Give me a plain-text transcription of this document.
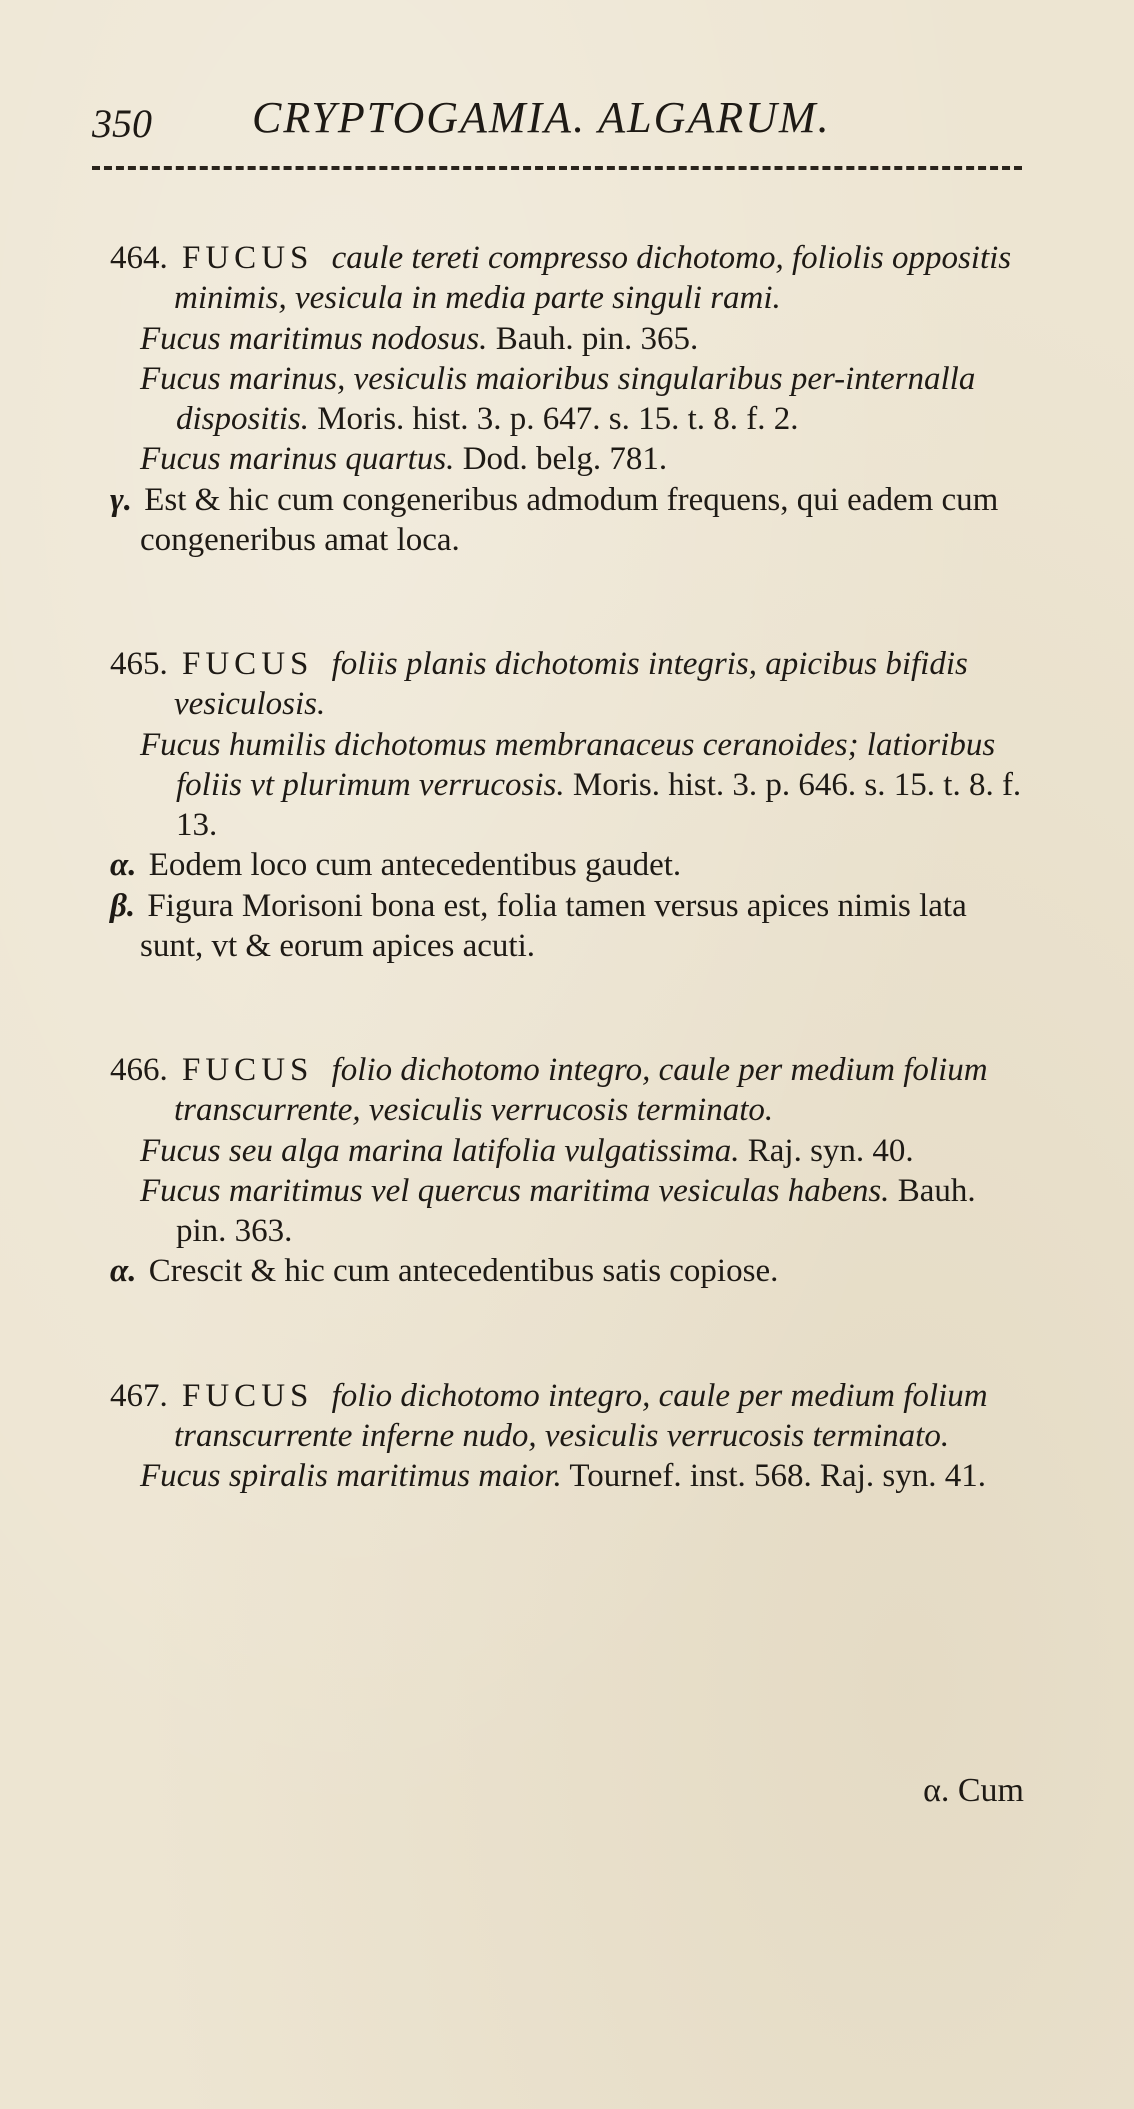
350 CRYPTOGAMIA. ALGARUM.
464. FUCUS caule tereti compresso dichotomo, foliolis oppositis minimis, vesicula in media parte singuli rami.
Fucus maritimus nodosus. Bauh. pin. 365.
Fucus marinus, vesiculis maioribus singularibus per-internalla dispositis. Moris. hist. 3. p. 647. s. 15. t. 8. f. 2.
Fucus marinus quartus. Dod. belg. 781.
γ. Est & hic cum congeneribus admodum frequens, qui eadem cum congeneribus amat loca.
465. FUCUS foliis planis dichotomis integris, apicibus bifidis vesiculosis.
Fucus humilis dichotomus membranaceus ceranoides; latioribus foliis vt plurimum verrucosis. Moris. hist. 3. p. 646. s. 15. t. 8. f. 13.
α. Eodem loco cum antecedentibus gaudet.
β. Figura Morisoni bona est, folia tamen versus apices nimis lata sunt, vt & eorum apices acuti.
466. FUCUS folio dichotomo integro, caule per medium folium transcurrente, vesiculis verrucosis terminato.
Fucus seu alga marina latifolia vulgatissima. Raj. syn. 40.
Fucus maritimus vel quercus maritima vesiculas habens. Bauh. pin. 363.
α. Crescit & hic cum antecedentibus satis copiose.
467. FUCUS folio dichotomo integro, caule per medium folium transcurrente inferne nudo, vesiculis verrucosis terminato.
Fucus spiralis maritimus maior. Tournef. inst. 568. Raj. syn. 41.
α. Cum
